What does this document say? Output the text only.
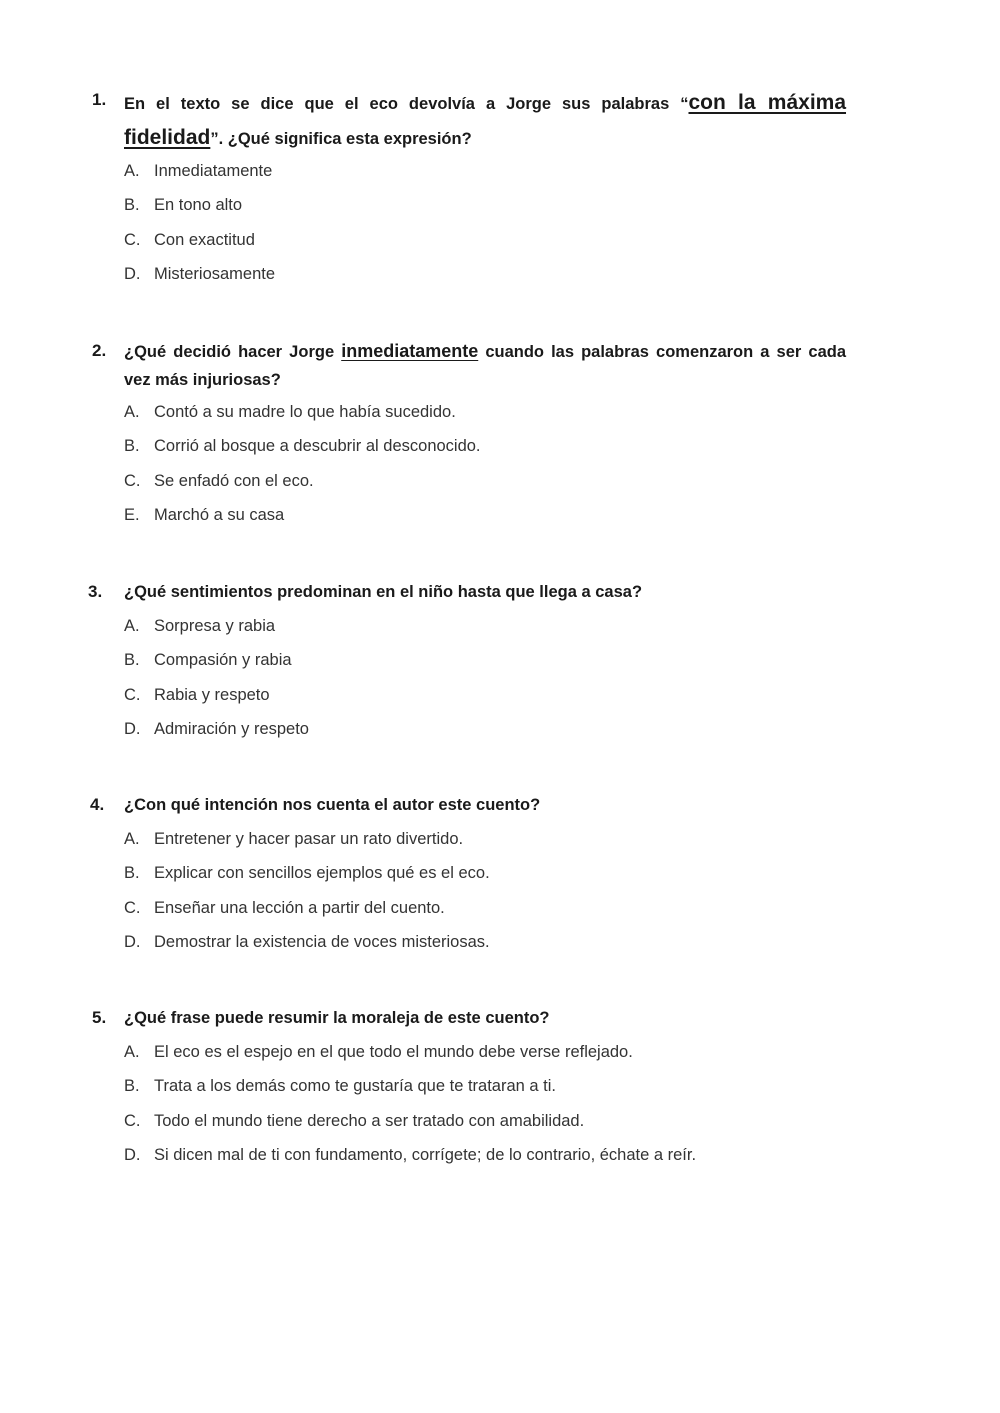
1. En el texto se dice que el eco devolvía a Jorge sus palabras “con la máxima fidelidad”. ¿Qué significa esta expresión?
A. Inmediatamente
B. En tono alto
C. Con exactitud
D. Misteriosamente
2. ¿Qué decidió hacer Jorge inmediatamente cuando las palabras comenzaron a ser cada vez más injuriosas?
A. Contó a su madre lo que había sucedido.
B. Corrió al bosque a descubrir al desconocido.
C. Se enfadó con el eco.
E. Marchó a su casa
3. ¿Qué sentimientos predominan en el niño hasta que llega a casa?
A. Sorpresa y rabia
B. Compasión y rabia
C. Rabia y respeto
D. Admiración y respeto
4. ¿Con qué intención nos cuenta el autor este cuento?
A. Entretener y hacer pasar un rato divertido.
B. Explicar con sencillos ejemplos qué es el eco.
C. Enseñar una lección a partir del cuento.
D. Demostrar la existencia de voces misteriosas.
5. ¿Qué frase puede resumir la moraleja de este cuento?
A. El eco es el espejo en el que todo el mundo debe verse reflejado.
B. Trata a los demás como te gustaría que te trataran a ti.
C. Todo el mundo tiene derecho a ser tratado con amabilidad.
D. Si dicen mal de ti con fundamento, corrígete; de lo contrario, échate a reír.
